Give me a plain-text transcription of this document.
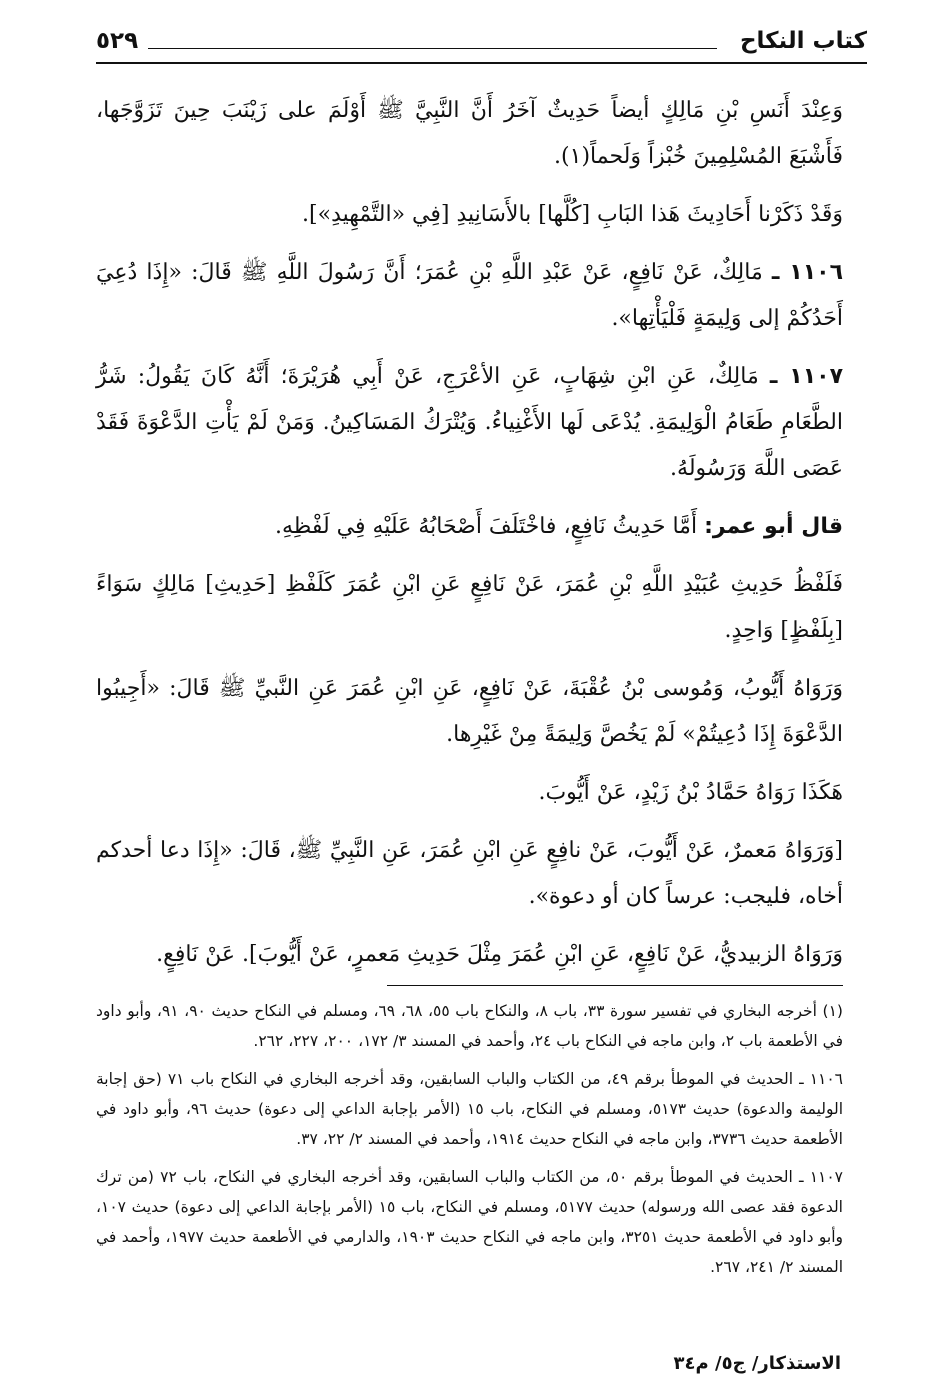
كتاب النكاح
٥٢٩

وَعِنْدَ أَنَسِ بْنِ مَالِكٍ أيضاً حَدِيثٌ آخَرُ أَنَّ النَّبِيَّ ﷺ أَوْلَمَ على زَيْنَبَ حِينَ تَزَوَّجَها، فَأَشْبَعَ المُسْلِمِينَ خُبْزاً وَلَحماً(١).

وَقَدْ ذَكَرْنا أَحَادِيثَ هَذا البَابِ [كُلَّها] بالأَسَانِيدِ [فِي «التَّمْهِيدِ»].

١١٠٦ ـ مَالِكٌ، عَنْ نَافِعٍ، عَنْ عَبْدِ اللَّهِ بْنِ عُمَرَ؛ أَنَّ رَسُولَ اللَّهِ ﷺ قَالَ: «إِذَا دُعِيَ أَحَدُكُمْ إلى وَلِيمَةٍ فَلْيَأْتِها».

١١٠٧ ـ مَالِكٌ، عَنِ ابْنِ شِهَابٍ، عَنِ الأعْرَجِ، عَنْ أَبِي هُرَيْرَةَ؛ أَنَّهُ كَانَ يَقُولُ: شَرُّ الطَّعَامِ طَعَامُ الْوَلِيمَةِ. يُدْعَى لَها الأَغْنِياءُ. وَيُتْرَكُ المَسَاكِينُ. وَمَنْ لَمْ يَأْتِ الدَّعْوَةَ فَقَدْ عَصَى اللَّهَ وَرَسُولَهُ.

قال أبو عمر: أَمَّا حَدِيثُ نَافِعٍ، فاخْتَلَفَ أَصْحَابُهُ عَلَيْهِ فِي لَفْظِهِ.

فَلَفْظُ حَدِيثِ عُبَيْدِ اللَّهِ بْنِ عُمَرَ، عَنْ نَافِعٍ عَنِ ابْنِ عُمَرَ كَلَفْظِ [حَدِيثِ] مَالِكٍ سَوَاءً [بِلَفْظٍ] وَاحِدٍ.

وَرَوَاهُ أَيُّوبُ، وَمُوسى بْنُ عُقْبَةَ، عَنْ نَافِعٍ، عَنِ ابْنِ عُمَرَ عَنِ النَّبيِّ ﷺ قَالَ: «أَجِيبُوا الدَّعْوَةَ إِذَا دُعِيتُمْ» لَمْ يَخُصَّ وَلِيمَةً مِنْ غَيْرِها.

هَكَذَا رَوَاهُ حَمَّادُ بْنُ زَيْدٍ، عَنْ أَيُّوبَ.

[وَرَوَاهُ مَعمرٌ، عَنْ أَيُّوبَ، عَنْ نافِعٍ عَنِ ابْنِ عُمَرَ، عَنِ النَّبِيِّ ﷺ، قَالَ: «إِذَا دعا أحدكم أخاه، فليجب: عرساً كان أو دعوة».

وَرَوَاهُ الزبيديُّ، عَنْ نَافِعٍ، عَنِ ابْنِ عُمَرَ مِثْلَ حَدِيثِ مَعمرٍ، عَنْ أَيُّوبَ]. عَنْ نَافِعٍ.

(١) أخرجه البخاري في تفسير سورة ٣٣، باب ٨، والنكاح باب ٥٥، ٦٨، ٦٩، ومسلم في النكاح حديث ٩٠، ٩١، وأبو داود في الأطعمة باب ٢، وابن ماجه في النكاح باب ٢٤، وأحمد في المسند ٣/ ١٧٢، ٢٠٠، ٢٢٧، ٢٦٢.

١١٠٦ ـ الحديث في الموطأ برقم ٤٩، من الكتاب والباب السابقين، وقد أخرجه البخاري في النكاح باب ٧١ (حق إجابة الوليمة والدعوة) حديث ٥١٧٣، ومسلم في النكاح، باب ١٥ (الأمر بإجابة الداعي إلى دعوة) حديث ٩٦، وأبو داود في الأطعمة حديث ٣٧٣٦، وابن ماجه في النكاح حديث ١٩١٤، وأحمد في المسند ٢/ ٢٢، ٣٧.

١١٠٧ ـ الحديث في الموطأ برقم ٥٠، من الكتاب والباب السابقين، وقد أخرجه البخاري في النكاح، باب ٧٢ (من ترك الدعوة فقد عصى الله ورسوله) حديث ٥١٧٧، ومسلم في النكاح، باب ١٥ (الأمر بإجابة الداعي إلى دعوة) حديث ١٠٧، وأبو داود في الأطعمة حديث ٣٢٥١، وابن ماجه في النكاح حديث ١٩٠٣، والدارمي في الأطعمة حديث ١٩٧٧، وأحمد في المسند ٢/ ٢٤١، ٢٦٧.

الاستذكار/ ج٥/ م٣٤
